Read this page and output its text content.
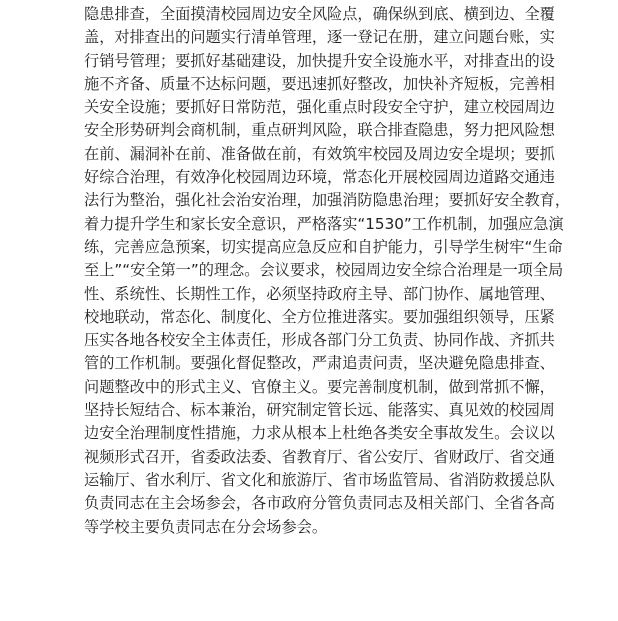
隐患排查，全面摸清校园周边安全风险点，确保纵到底、横到边、全覆
盖，对排查出的问题实行清单管理，逐一登记在册，建立问题台账，实
行销号管理；要抓好基础建设，加快提升安全设施水平，对排查出的设
施不齐备、质量不达标问题，要迅速抓好整改，加快补齐短板，完善相
关安全设施；要抓好日常防范，强化重点时段安全守护，建立校园周边
安全形势研判会商机制，重点研判风险，联合排查隐患，努力把风险想
在前、漏洞补在前、准备做在前，有效筑牢校园及周边安全堤坝；要抓
好综合治理，有效净化校园周边环境，常态化开展校园周边道路交通违
法行为整治，强化社会治安治理，加强消防隐患治理；要抓好安全教育，
着力提升学生和家长安全意识，严格落实“1530”工作机制，加强应急演
练，完善应急预案，切实提高应急反应和自护能力，引导学生树牢“生命
至上”“安全第一”的理念。会议要求，校园周边安全综合治理是一项全局
性、系统性、长期性工作，必须坚持政府主导、部门协作、属地管理、
校地联动，常态化、制度化、全方位推进落实。要加强组织领导，压紧
压实各地各校安全主体责任，形成各部门分工负责、协同作战、齐抓共
管的工作机制。要强化督促整改，严肃追责问责，坚决避免隐患排查、
问题整改中的形式主义、官僚主义。要完善制度机制，做到常抓不懈，
坚持长短结合、标本兼治，研究制定管长远、能落实、真见效的校园周
边安全治理制度性措施，力求从根本上杜绝各类安全事故发生。会议以
视频形式召开，省委政法委、省教育厅、省公安厅、省财政厅、省交通
运输厅、省水利厅、省文化和旅游厅、省市场监管局、省消防救援总队
负责同志在主会场参会，各市政府分管负责同志及相关部门、全省各高
等学校主要负责同志在分会场参会。
